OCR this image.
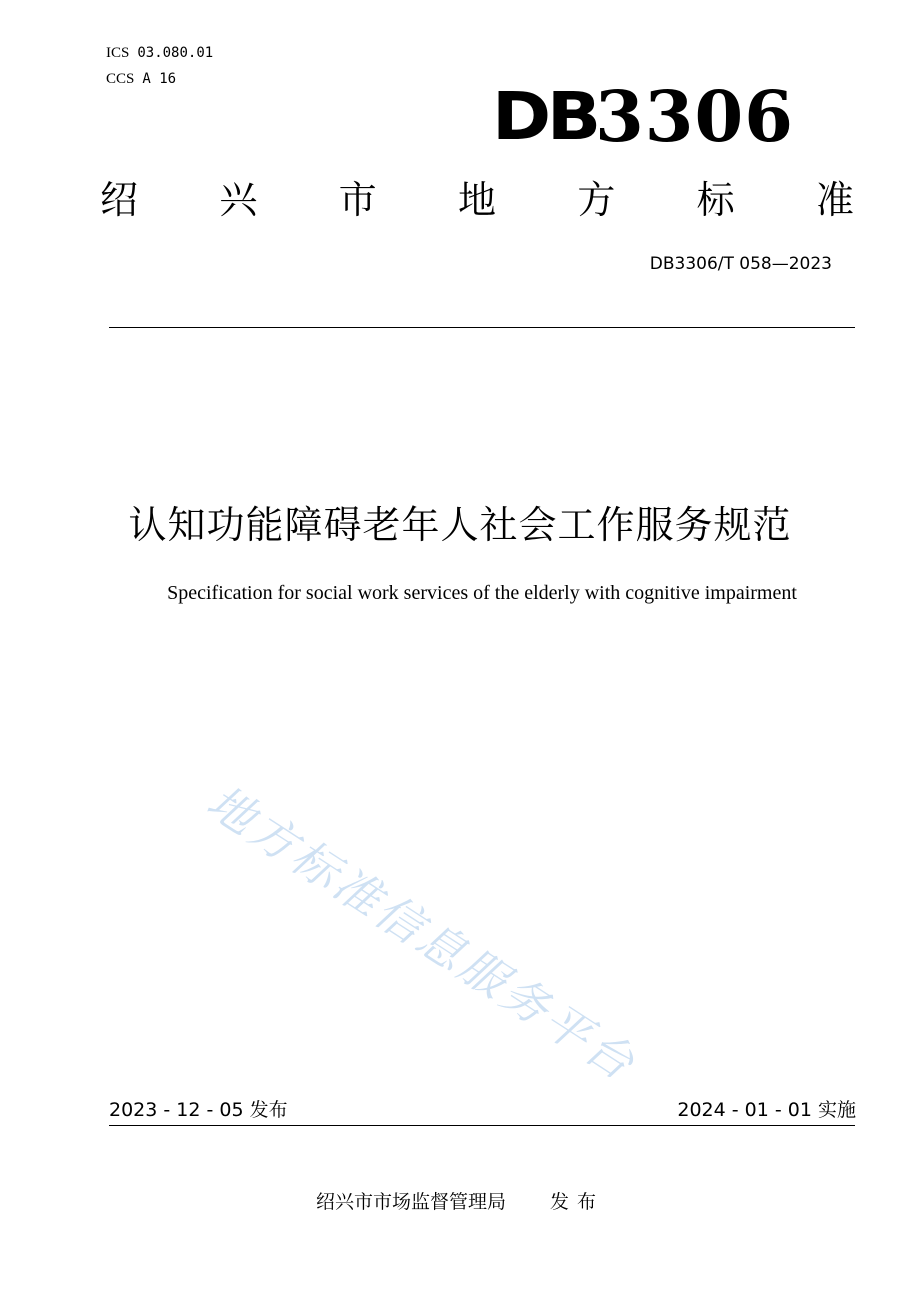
ICS 03.080.01
CCS A 16	DB
3306
绍 兴 市 地 方 标 准
DB3306/T 058—2023
认知功能障碍老年人社会工作服务规范
Specification for social work services of the elderly with cognitive impairment
地方标准信息服务平台
2023 - 12 - 05 发布	2024 - 01 - 01 实施
绍兴市市场监督管理局 发布
